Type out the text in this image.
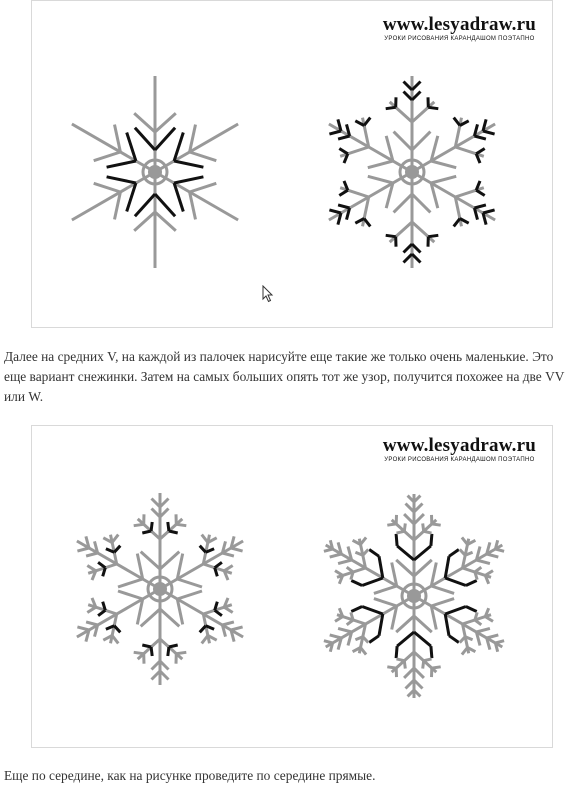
www.lesyadraw.ru
УРОКИ РИСОВАНИЯ КАРАНДАШОМ ПОЭТАПНО

Далее на средних V, на каждой из палочек нарисуйте еще такие же только очень маленькие. Это еще вариант снежинки. Затем на самых больших опять тот же узор, получится похожее на две VV или W.

www.lesyadraw.ru
УРОКИ РИСОВАНИЯ КАРАНДАШОМ ПОЭТАПНО

Еще по середине, как на рисунке проведите по середине прямые.
